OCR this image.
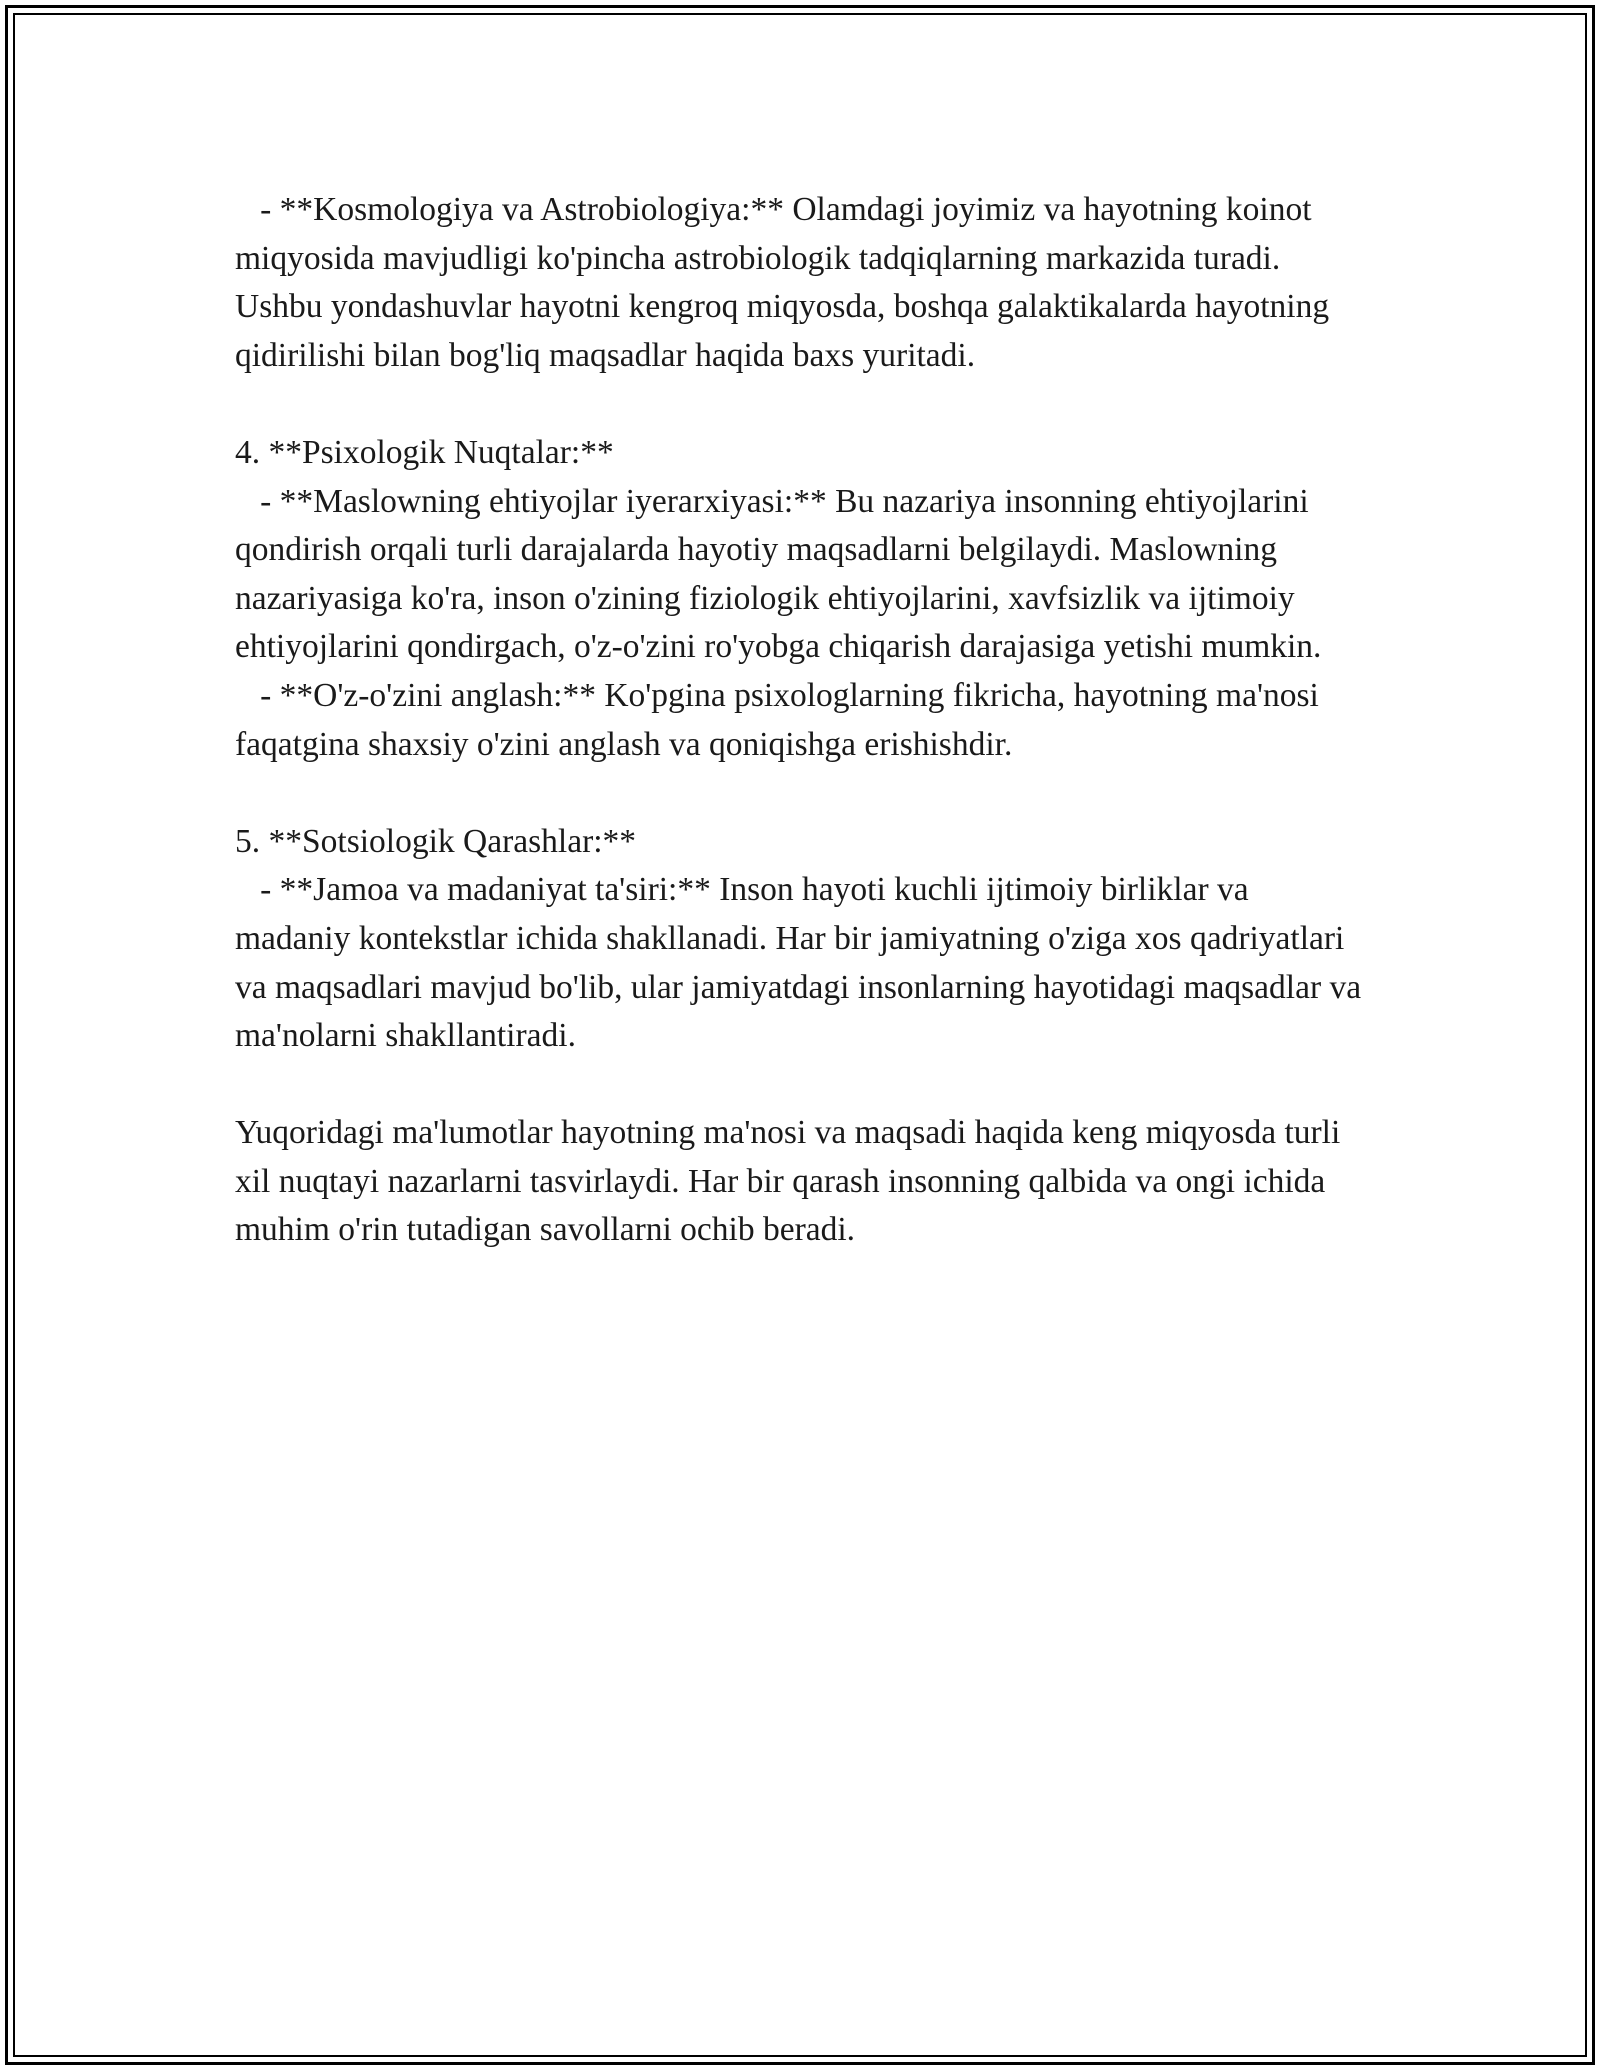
- **Kosmologiya va Astrobiologiya:** Olamdagi joyimiz va hayotning koinot miqyosida mavjudligi ko'pincha astrobiologik tadqiqlarning markazida turadi. Ushbu yondashuvlar hayotni kengroq miqyosda, boshqa galaktikalarda hayotning qidirilishi bilan bog'liq maqsadlar haqida baxs yuritadi.

4. **Psixologik Nuqtalar:**

- **Maslowning ehtiyojlar iyerarxiyasi:** Bu nazariya insonning ehtiyojlarini qondirish orqali turli darajalarda hayotiy maqsadlarni belgilaydi. Maslowning nazariyasiga ko'ra, inson o'zining fiziologik ehtiyojlarini, xavfsizlik va ijtimoiy ehtiyojlarini qondirgach, o'z-o'zini ro'yobga chiqarish darajasiga yetishi mumkin.

- **O'z-o'zini anglash:** Ko'pgina psixologlarning fikricha, hayotning ma'nosi faqatgina shaxsiy o'zini anglash va qoniqishga erishishdir.

5. **Sotsiologik Qarashlar:**

- **Jamoa va madaniyat ta'siri:** Inson hayoti kuchli ijtimoiy birliklar va madaniy kontekstlar ichida shakllanadi. Har bir jamiyatning o'ziga xos qadriyatlari va maqsadlari mavjud bo'lib, ular jamiyatdagi insonlarning hayotidagi maqsadlar va ma'nolarni shakllantiradi.

Yuqoridagi ma'lumotlar hayotning ma'nosi va maqsadi haqida keng miqyosda turli xil nuqtayi nazarlarni tasvirlaydi. Har bir qarash insonning qalbida va ongi ichida muhim o'rin tutadigan savollarni ochib beradi.
